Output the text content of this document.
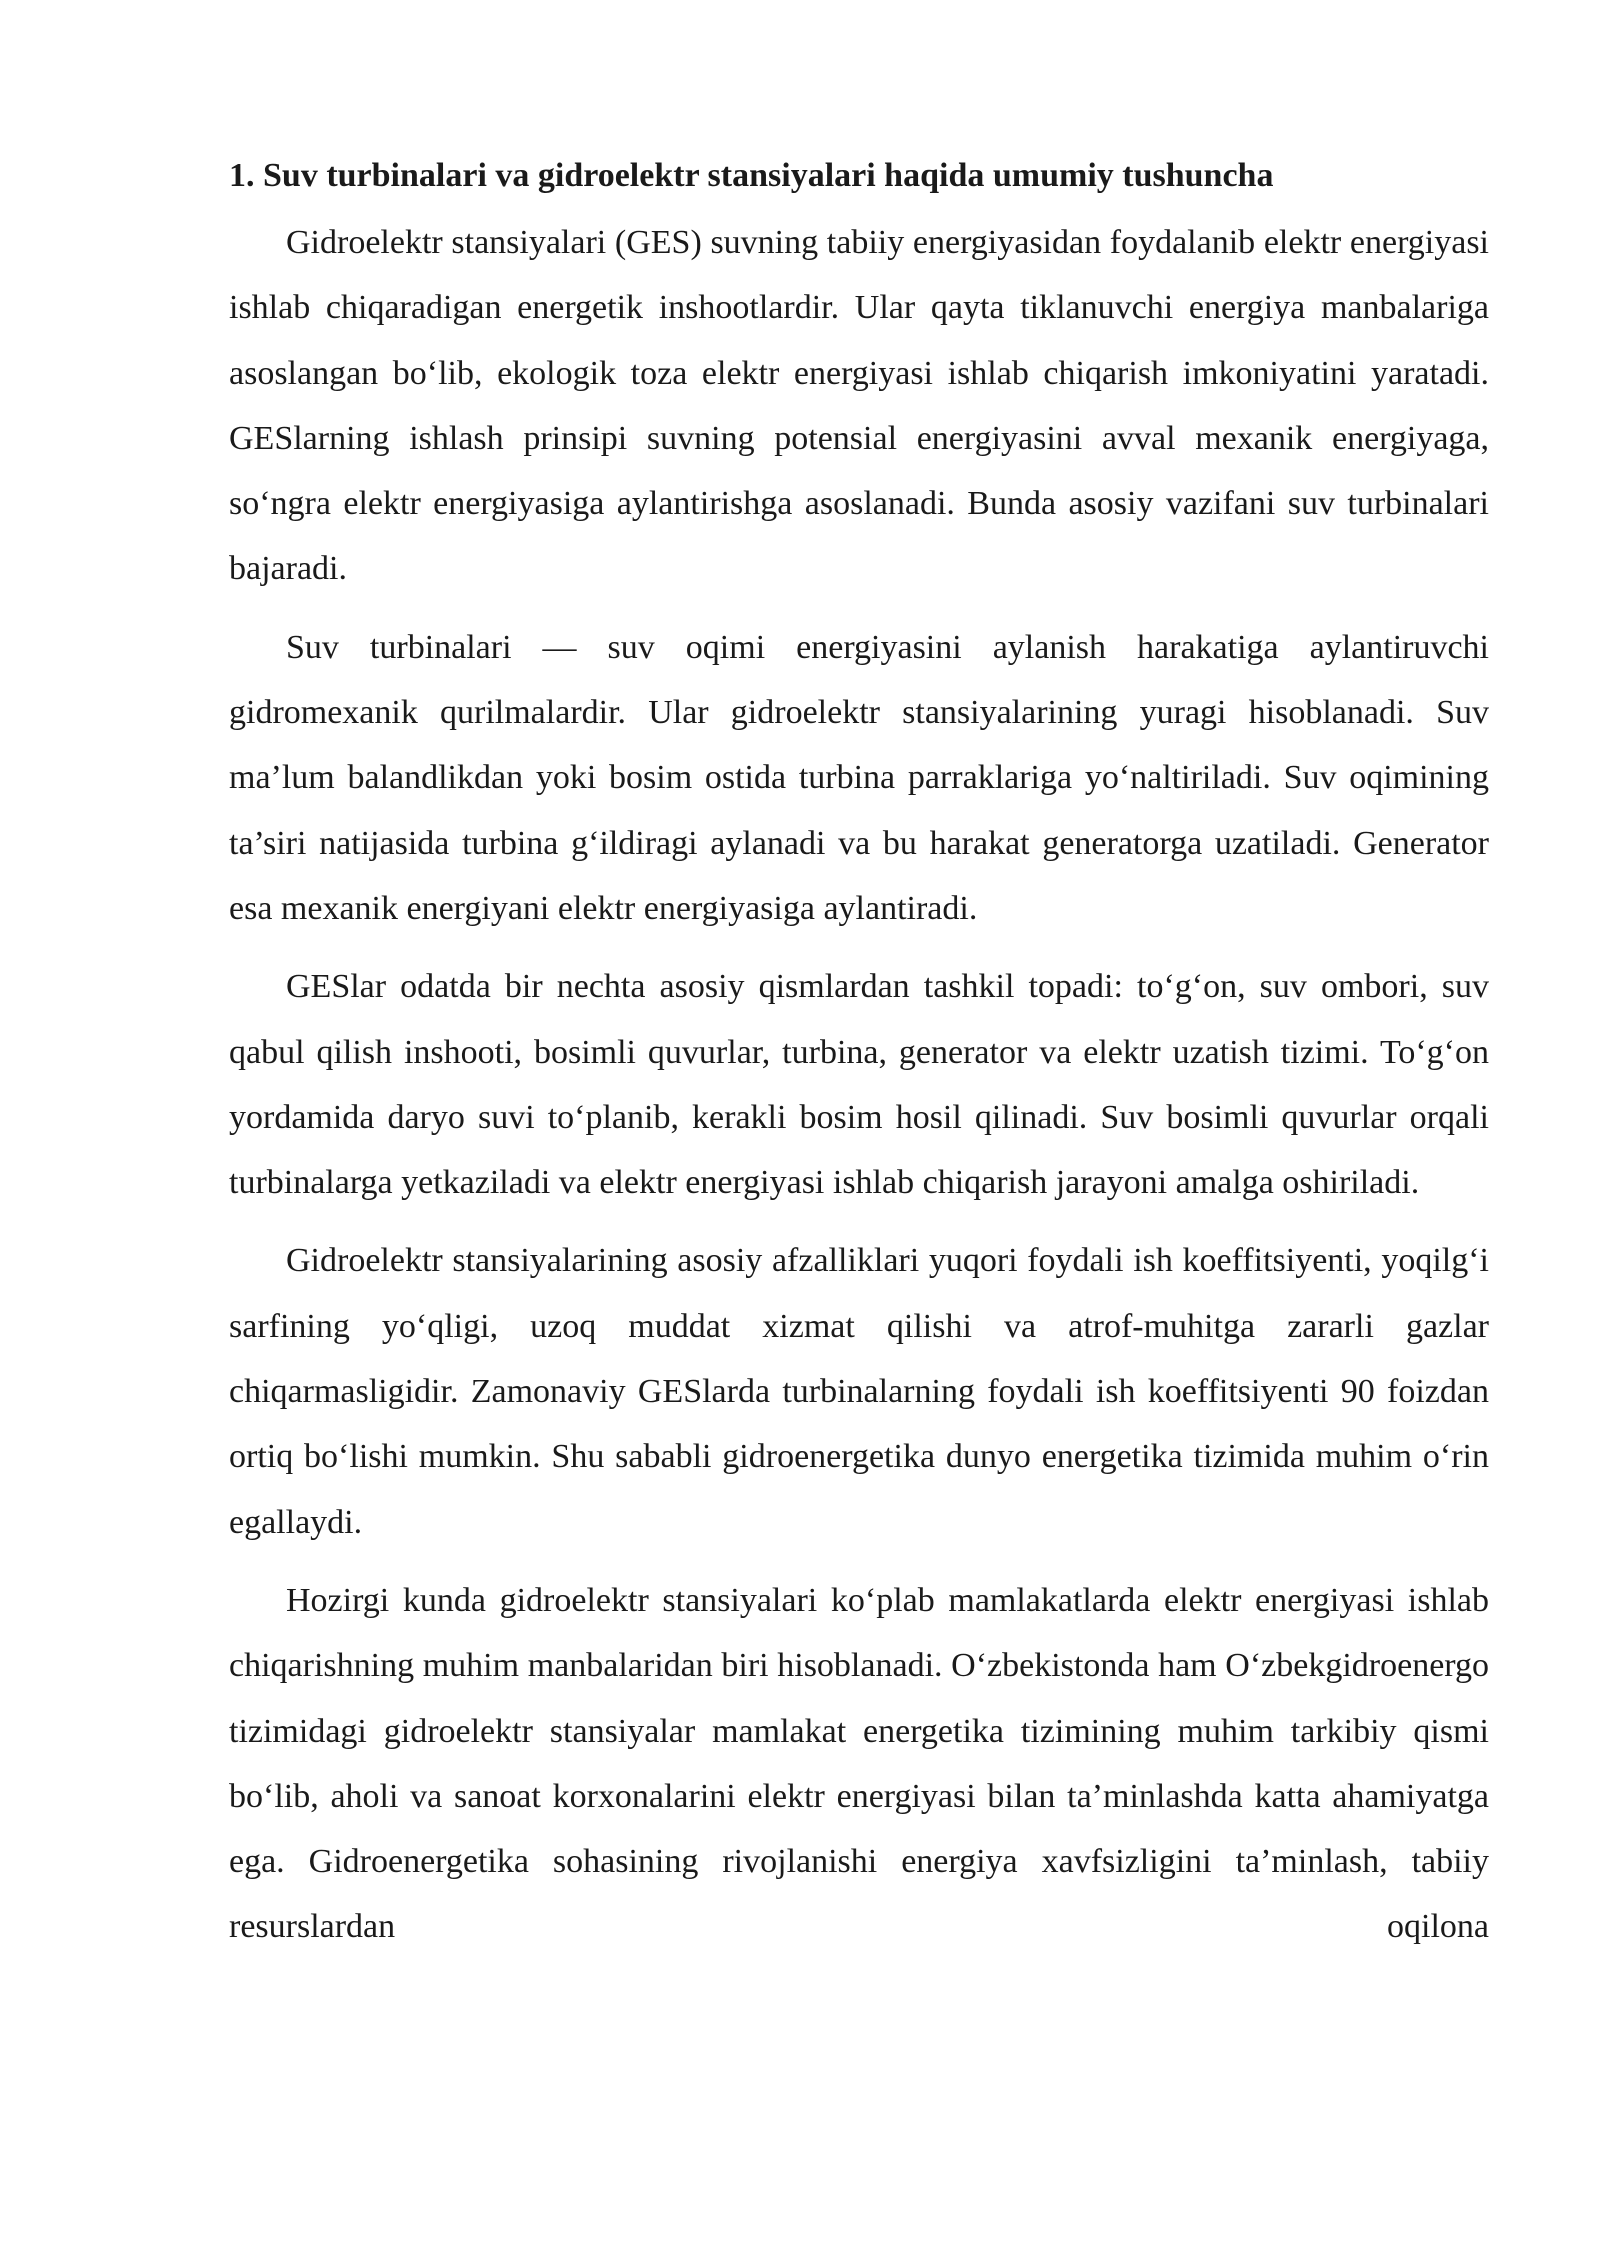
1. Suv turbinalari va gidroelektr stansiyalari haqida umumiy tushuncha

Gidroelektr stansiyalari (GES) suvning tabiiy energiyasidan foydalanib elektr energiyasi ishlab chiqaradigan energetik inshootlardir. Ular qayta tiklanuvchi energiya manbalariga asoslangan bo‘lib, ekologik toza elektr energiyasi ishlab chiqarish imkoniyatini yaratadi. GESlarning ishlash prinsipi suvning potensial energiyasini avval mexanik energiyaga, so‘ngra elektr energiyasiga aylantirishga asoslanadi. Bunda asosiy vazifani suv turbinalari bajaradi.

Suv turbinalari — suv oqimi energiyasini aylanish harakatiga aylantiruvchi gidromexanik qurilmalardir. Ular gidroelektr stansiyalarining yuragi hisoblanadi. Suv ma’lum balandlikdan yoki bosim ostida turbina parraklariga yo‘naltiriladi. Suv oqimining ta’siri natijasida turbina g‘ildiragi aylanadi va bu harakat generatorga uzatiladi. Generator esa mexanik energiyani elektr energiyasiga aylantiradi.

GESlar odatda bir nechta asosiy qismlardan tashkil topadi: to‘g‘on, suv ombori, suv qabul qilish inshooti, bosimli quvurlar, turbina, generator va elektr uzatish tizimi. To‘g‘on yordamida daryo suvi to‘planib, kerakli bosim hosil qilinadi. Suv bosimli quvurlar orqali turbinalarga yetkaziladi va elektr energiyasi ishlab chiqarish jarayoni amalga oshiriladi.

Gidroelektr stansiyalarining asosiy afzalliklari yuqori foydali ish koeffitsiyenti, yoqilg‘i sarfining yo‘qligi, uzoq muddat xizmat qilishi va atrof-muhitga zararli gazlar chiqarmasligidir. Zamonaviy GESlarda turbinalarning foydali ish koeffitsiyenti 90 foizdan ortiq bo‘lishi mumkin. Shu sababli gidroenergetika dunyo energetika tizimida muhim o‘rin egallaydi.

Hozirgi kunda gidroelektr stansiyalari ko‘plab mamlakatlarda elektr energiyasi ishlab chiqarishning muhim manbalaridan biri hisoblanadi. O‘zbekistonda ham O‘zbekgidroenergo tizimidagi gidroelektr stansiyalar mamlakat energetika tizimining muhim tarkibiy qismi bo‘lib, aholi va sanoat korxonalarini elektr energiyasi bilan ta’minlashda katta ahamiyatga ega. Gidroenergetika sohasining rivojlanishi energiya xavfsizligini ta’minlash, tabiiy resurslardan oqilona
